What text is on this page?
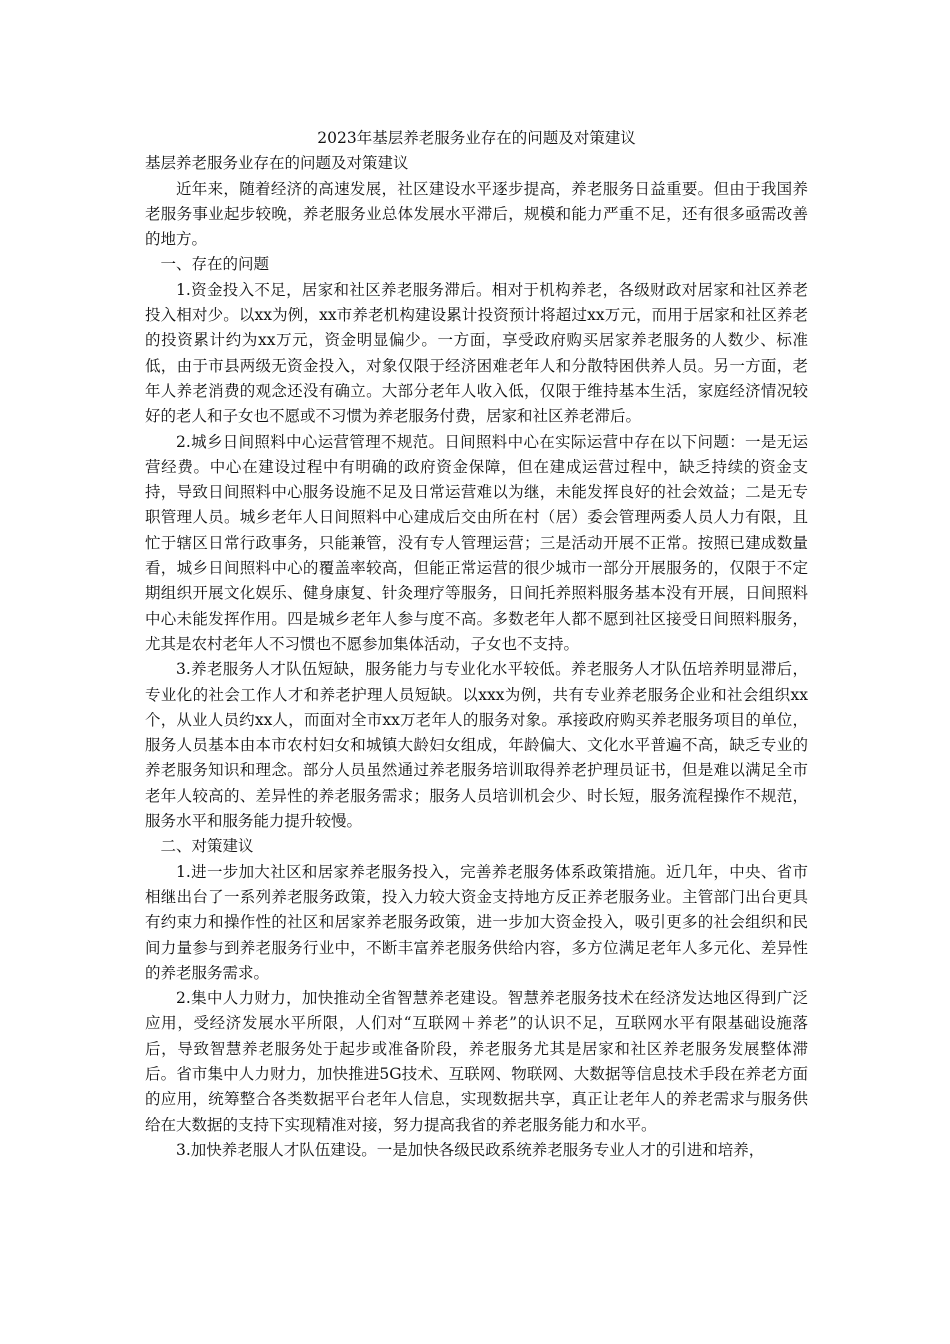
2023年基层养老服务业存在的问题及对策建议

基层养老服务业存在的问题及对策建议

近年来，随着经济的高速发展，社区建设水平逐步提高，养老服务日益重要。但由于我国养老服务事业起步较晚，养老服务业总体发展水平滞后，规模和能力严重不足，还有很多亟需改善的地方。

一、存在的问题

1.资金投入不足，居家和社区养老服务滞后。相对于机构养老，各级财政对居家和社区养老投入相对少。以xx为例，xx市养老机构建设累计投资预计将超过xx万元，而用于居家和社区养老的投资累计约为xx万元，资金明显偏少。一方面，享受政府购买居家养老服务的人数少、标准低，由于市县两级无资金投入，对象仅限于经济困难老年人和分散特困供养人员。另一方面，老年人养老消费的观念还没有确立。大部分老年人收入低，仅限于维持基本生活，家庭经济情况较好的老人和子女也不愿或不习惯为养老服务付费，居家和社区养老滞后。

2.城乡日间照料中心运营管理不规范。日间照料中心在实际运营中存在以下问题：一是无运营经费。中心在建设过程中有明确的政府资金保障，但在建成运营过程中，缺乏持续的资金支持，导致日间照料中心服务设施不足及日常运营难以为继，未能发挥良好的社会效益；二是无专职管理人员。城乡老年人日间照料中心建成后交由所在村（居）委会管理两委人员人力有限，且忙于辖区日常行政事务，只能兼管，没有专人管理运营；三是活动开展不正常。按照已建成数量看，城乡日间照料中心的覆盖率较高，但能正常运营的很少城市一部分开展服务的，仅限于不定期组织开展文化娱乐、健身康复、针灸理疗等服务，日间托养照料服务基本没有开展，日间照料中心未能发挥作用。四是城乡老年人参与度不高。多数老年人都不愿到社区接受日间照料服务，尤其是农村老年人不习惯也不愿参加集体活动，子女也不支持。

3.养老服务人才队伍短缺，服务能力与专业化水平较低。养老服务人才队伍培养明显滞后，专业化的社会工作人才和养老护理人员短缺。以xxx为例，共有专业养老服务企业和社会组织xx个，从业人员约xx人，而面对全市xx万老年人的服务对象。承接政府购买养老服务项目的单位，服务人员基本由本市农村妇女和城镇大龄妇女组成，年龄偏大、文化水平普遍不高，缺乏专业的养老服务知识和理念。部分人员虽然通过养老服务培训取得养老护理员证书，但是难以满足全市老年人较高的、差异性的养老服务需求；服务人员培训机会少、时长短，服务流程操作不规范，服务水平和服务能力提升较慢。

二、对策建议

1.进一步加大社区和居家养老服务投入，完善养老服务体系政策措施。近几年，中央、省市相继出台了一系列养老服务政策，投入力较大资金支持地方反正养老服务业。主管部门出台更具有约束力和操作性的社区和居家养老服务政策，进一步加大资金投入，吸引更多的社会组织和民间力量参与到养老服务行业中，不断丰富养老服务供给内容，多方位满足老年人多元化、差异性的养老服务需求。

2.集中人力财力，加快推动全省智慧养老建设。智慧养老服务技术在经济发达地区得到广泛应用，受经济发展水平所限，人们对“互联网＋养老”的认识不足，互联网水平有限基础设施落后，导致智慧养老服务处于起步或准备阶段，养老服务尤其是居家和社区养老服务发展整体滞后。省市集中人力财力，加快推进5G技术、互联网、物联网、大数据等信息技术手段在养老方面的应用，统筹整合各类数据平台老年人信息，实现数据共享，真正让老年人的养老需求与服务供给在大数据的支持下实现精准对接，努力提高我省的养老服务能力和水平。

3.加快养老服人才队伍建设。一是加快各级民政系统养老服务专业人才的引进和培养，
